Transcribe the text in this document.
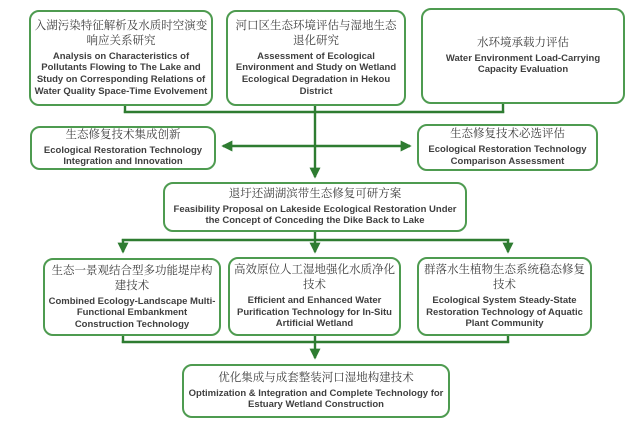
入湖污染特征解析及水质时空演变响应关系研究
Analysis on Characteristics of Pollutants Flowing to The Lake and Study on Corresponding Relations of Water Quality Space-Time Evolvement
河口区生态环境评估与湿地生态退化研究
Assessment of Ecological Environment and Study on Wetland Ecological Degradation in Hekou District
水环境承载力评估
Water Environment Load-Carrying Capacity Evaluation
生态修复技术集成创新
Ecological Restoration Technology Integration and Innovation
生态修复技术必选评估
Ecological Restoration Technology Comparison Assessment
退圩还湖湖滨带生态修复可研方案
Feasibility Proposal on Lakeside Ecological Restoration Under the Concept of Conceding the Dike Back to Lake
生态一景观结合型多功能堤岸构建技术
Combined Ecology-Landscape Multi-Functional Embankment Construction Technology
高效原位人工湿地强化水质净化技术
Efficient and Enhanced Water Purification Technology for In-Situ Artificial Wetland
群落水生植物生态系统稳态修复技术
Ecological System Steady-State Restoration Technology of Aquatic Plant Community
优化集成与成套整装河口湿地构建技术
Optimization & Integration and Complete Technology for Estuary Wetland Construction
